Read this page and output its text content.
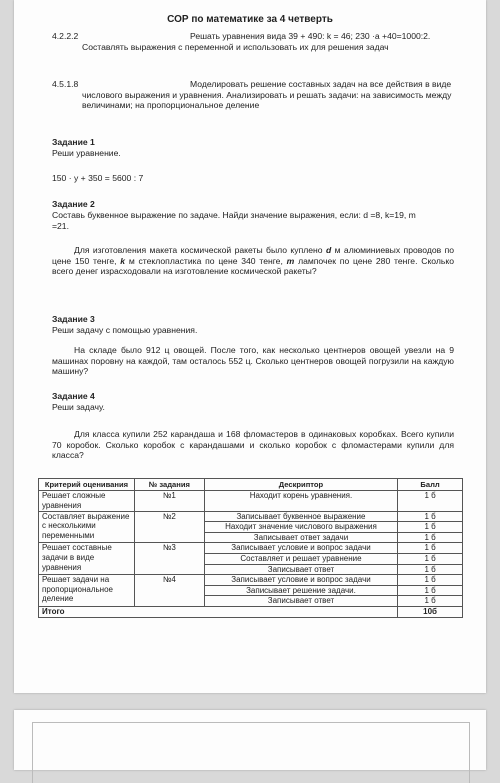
СОР по математике за 4 четверть
4.2.2.2	Решать уравнения вида 39 + 490: k = 46; 230 ·a +40=1000:2. Составлять выражения с переменной и использовать их для решения задач
4.5.1.8	Моделировать решение составных задач на все действия в виде числового выражения и уравнения. Анализировать и решать задачи: на зависимость между величинами; на пропорциональное деление
Задание 1
Реши уравнение.
150 · y + 350 = 5600 : 7
Задание 2
Составь буквенное выражение по задаче. Найди значение выражения, если: d =8, k=19, m =21.
Для изготовления макета космической ракеты было куплено d м алюминиевых проводов по цене 150 тенге, k м стеклопластика по цене 340 тенге, m лампочек по цене 280 тенге. Сколько всего денег израсходовали на изготовление космической ракеты?
Задание 3
Реши задачу с помощью уравнения.
На складе было 912 ц овощей. После того, как несколько центнеров овощей увезли на 9 машинах поровну на каждой, там осталось 552 ц. Сколько центнеров овощей погрузили на каждую машину?
Задание 4
Реши задачу.
Для класса купили 252 карандаша и 168 фломастеров в одинаковых коробках. Всего купили 70 коробок. Сколько коробок с карандашами и сколько коробок с фломастерами купили для класса?
Критерий оценивания	№ задания	Дескриптор	Балл
Решает сложные уравнения	№1	Находит корень уравнения.	1 б
Составляет выражение с несколькими переменными	№2	Записывает буквенное выражение	1 б
		Находит значение числового выражения	1 б
		Записывает ответ задачи	1 б
Решает составные задачи в виде уравнения	№3	Записывает условие и вопрос задачи	1 б
		Составляет и решает уравнение	1 б
		Записывает ответ	1 б
Решает задачи на пропорциональное деление	№4	Записывает условие и вопрос задачи	1 б
		Записывает решение задачи.	1 б
		Записывает ответ	1 б
Итого			10б
